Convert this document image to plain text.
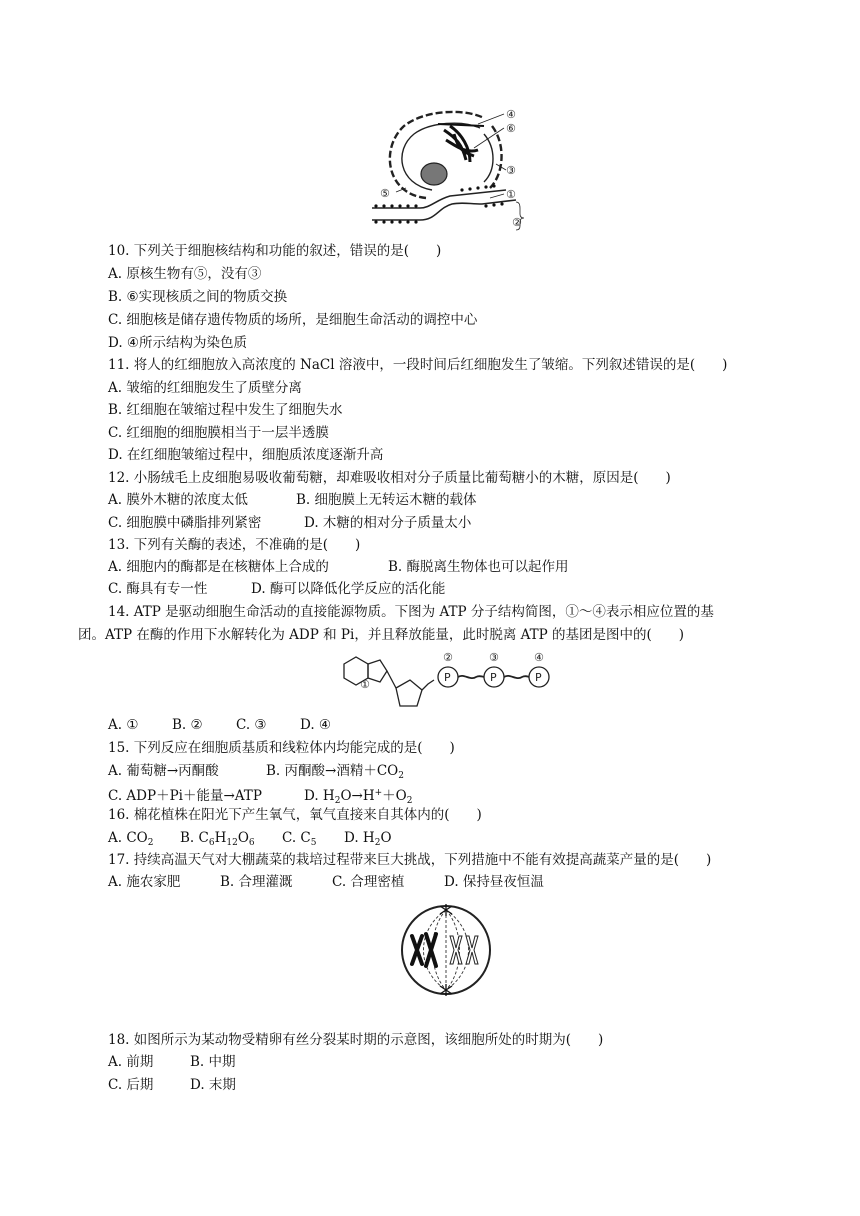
④
⑥
③
⑤	①
②
10. 下列关于细胞核结构和功能的叙述，错误的是(　　)
A. 原核生物有⑤，没有③
B. ⑥实现核质之间的物质交换
C. 细胞核是储存遗传物质的场所，是细胞生命活动的调控中心
D. ④所示结构为染色质
11. 将人的红细胞放入高浓度的 NaCl 溶液中，一段时间后红细胞发生了皱缩。下列叙述错误的是(　　)
A. 皱缩的红细胞发生了质壁分离
B. 红细胞在皱缩过程中发生了细胞失水
C. 红细胞的细胞膜相当于一层半透膜
D. 在红细胞皱缩过程中，细胞质浓度逐渐升高
12. 小肠绒毛上皮细胞易吸收葡萄糖，却难吸收相对分子质量比葡萄糖小的木糖，原因是(　　)
A. 膜外木糖的浓度太低	B. 细胞膜上无转运木糖的载体
C. 细胞膜中磷脂排列紧密	D. 木糖的相对分子质量太小
13. 下列有关酶的表述，不准确的是(　　)
A. 细胞内的酶都是在核糖体上合成的	B. 酶脱离生物体也可以起作用
C. 酶具有专一性	D. 酶可以降低化学反应的活化能
14. ATP 是驱动细胞生命活动的直接能源物质。下图为 ATP 分子结构简图，①～④表示相应位置的基
团。ATP 在酶的作用下水解转化为 ADP 和 Pi，并且释放能量，此时脱离 ATP 的基团是图中的(　　)
P	P	P
①
②	③	④
A. ① B. ② C. ③ D. ④
15. 下列反应在细胞质基质和线粒体内均能完成的是(　　)
A. 葡萄糖→丙酮酸	B. 丙酮酸→酒精$+CO_2$
C. ADP＋Pi＋能量→ATP	D. $H_2O\to H^++O_2$
16. 棉花植株在阳光下产生氧气，氧气直接来自其体内的(　　)
A. $CO_2$ B. $C_6H_{12}O_6$ C. $C_5$ D. $H_2O$
17. 持续高温天气对大棚蔬菜的栽培过程带来巨大挑战，下列措施中不能有效提高蔬菜产量的是(　　)
A. 施农家肥	B. 合理灌溉	C. 合理密植	D. 保持昼夜恒温
18. 如图所示为某动物受精卵有丝分裂某时期的示意图，该细胞所处的时期为(　　)
A. 前期	B. 中期
C. 后期	D. 末期
